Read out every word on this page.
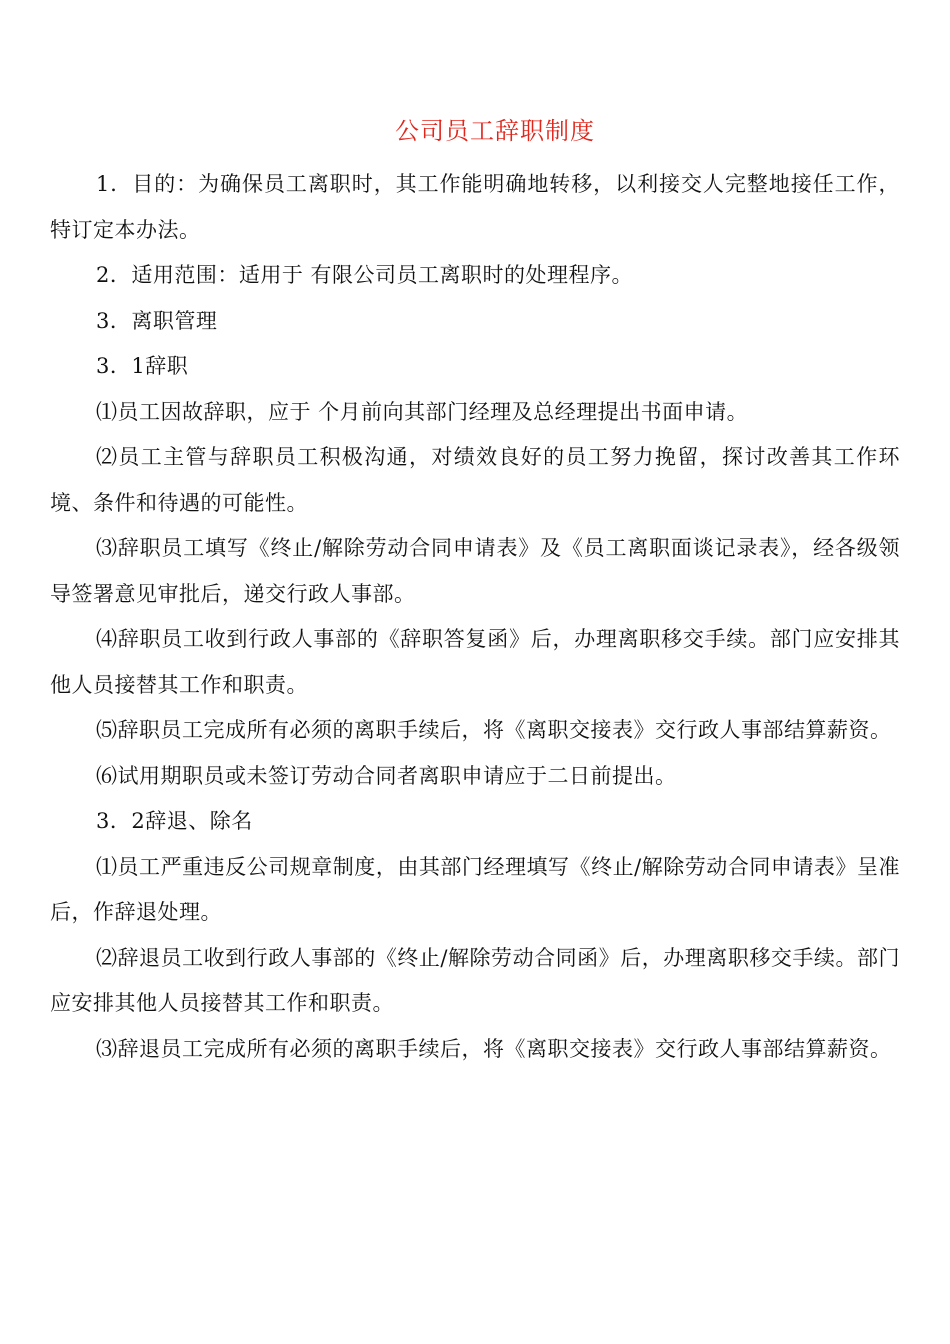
公司员工辞职制度

1．目的：为确保员工离职时，其工作能明确地转移，以利接交人完整地接任工作，特订定本办法。

2．适用范围：适用于 有限公司员工离职时的处理程序。

3．离职管理

3．1辞职

⑴员工因故辞职，应于 个月前向其部门经理及总经理提出书面申请。

⑵员工主管与辞职员工积极沟通，对绩效良好的员工努力挽留，探讨改善其工作环境、条件和待遇的可能性。

⑶辞职员工填写《终止/解除劳动合同申请表》及《员工离职面谈记录表》，经各级领导签署意见审批后，递交行政人事部。

⑷辞职员工收到行政人事部的《辞职答复函》后，办理离职移交手续。部门应安排其他人员接替其工作和职责。

⑸辞职员工完成所有必须的离职手续后，将《离职交接表》交行政人事部结算薪资。

⑹试用期职员或未签订劳动合同者离职申请应于二日前提出。

3．2辞退、除名

⑴员工严重违反公司规章制度，由其部门经理填写《终止/解除劳动合同申请表》呈准后，作辞退处理。

⑵辞退员工收到行政人事部的《终止/解除劳动合同函》后，办理离职移交手续。部门应安排其他人员接替其工作和职责。

⑶辞退员工完成所有必须的离职手续后，将《离职交接表》交行政人事部结算薪资。
